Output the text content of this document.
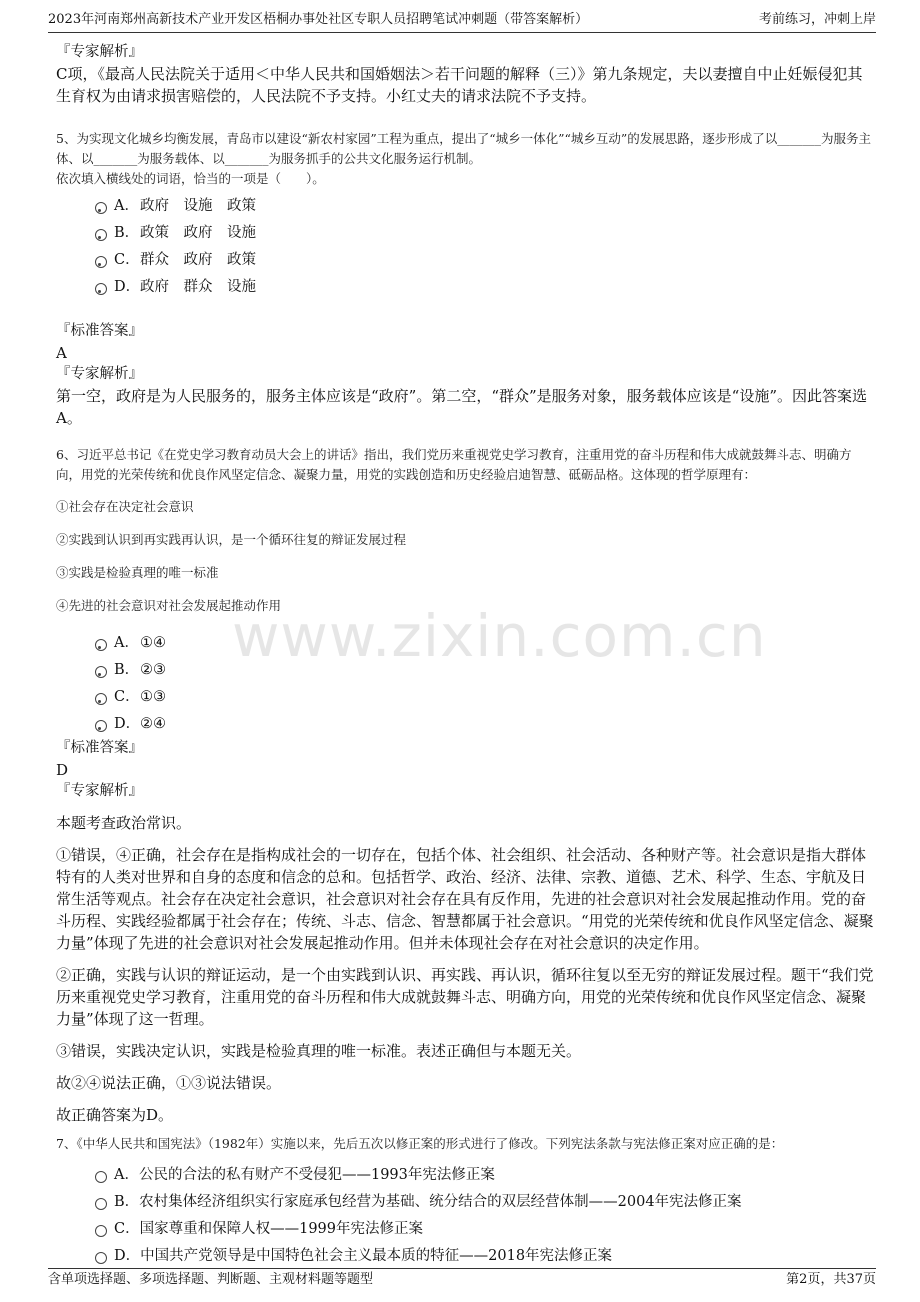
2023年河南郑州高新技术产业开发区梧桐办事处社区专职人员招聘笔试冲刺题（带答案解析）	考前练习，冲刺上岸
www.zixin.com.cn
『专家解析』
C项，《最高人民法院关于适用＜中华人民共和国婚姻法＞若干问题的解释（三）》第九条规定，夫以妻擅自中止妊娠侵犯其生育权为由请求损害赔偿的，人民法院不予支持。小红丈夫的请求法院不予支持。
5、为实现文化城乡均衡发展，青岛市以建设“新农村家园”工程为重点，提出了“城乡一体化”“城乡互动”的发展思路，逐步形成了以_______为服务主体、以_______为服务载体、以_______为服务抓手的公共文化服务运行机制。
依次填入横线处的词语，恰当的一项是（　　）。
A．政府　设施　政策
B．政策　政府　设施
C．群众　政府　政策
D．政府　群众　设施
『标准答案』
A
『专家解析』
第一空，政府是为人民服务的，服务主体应该是“政府”。第二空，“群众”是服务对象，服务载体应该是“设施”。因此答案选A。
6、习近平总书记《在党史学习教育动员大会上的讲话》指出，我们党历来重视党史学习教育，注重用党的奋斗历程和伟大成就鼓舞斗志、明确方向，用党的光荣传统和优良作风坚定信念、凝聚力量，用党的实践创造和历史经验启迪智慧、砥砺品格。这体现的哲学原理有：
①社会存在决定社会意识
②实践到认识到再实践再认识，是一个循环往复的辩证发展过程
③实践是检验真理的唯一标准
④先进的社会意识对社会发展起推动作用
A．①④
B．②③
C．①③
D．②④
『标准答案』
D
『专家解析』
本题考查政治常识。
①错误，④正确，社会存在是指构成社会的一切存在，包括个体、社会组织、社会活动、各种财产等。社会意识是指大群体特有的人类对世界和自身的态度和信念的总和。包括哲学、政治、经济、法律、宗教、道德、艺术、科学、生态、宇航及日常生活等观点。社会存在决定社会意识，社会意识对社会存在具有反作用，先进的社会意识对社会发展起推动作用。党的奋斗历程、实践经验都属于社会存在；传统、斗志、信念、智慧都属于社会意识。“用党的光荣传统和优良作风坚定信念、凝聚力量”体现了先进的社会意识对社会发展起推动作用。但并未体现社会存在对社会意识的决定作用。
②正确，实践与认识的辩证运动，是一个由实践到认识、再实践、再认识，循环往复以至无穷的辩证发展过程。题干“我们党历来重视党史学习教育，注重用党的奋斗历程和伟大成就鼓舞斗志、明确方向，用党的光荣传统和优良作风坚定信念、凝聚力量”体现了这一哲理。
③错误，实践决定认识，实践是检验真理的唯一标准。表述正确但与本题无关。
故②④说法正确，①③说法错误。
故正确答案为D。
7、《中华人民共和国宪法》（1982年）实施以来，先后五次以修正案的形式进行了修改。下列宪法条款与宪法修正案对应正确的是：
A．公民的合法的私有财产不受侵犯——1993年宪法修正案
B．农村集体经济组织实行家庭承包经营为基础、统分结合的双层经营体制——2004年宪法修正案
C．国家尊重和保障人权——1999年宪法修正案
D．中国共产党领导是中国特色社会主义最本质的特征——2018年宪法修正案
含单项选择题、多项选择题、判断题、主观材料题等题型	第2页，共37页
